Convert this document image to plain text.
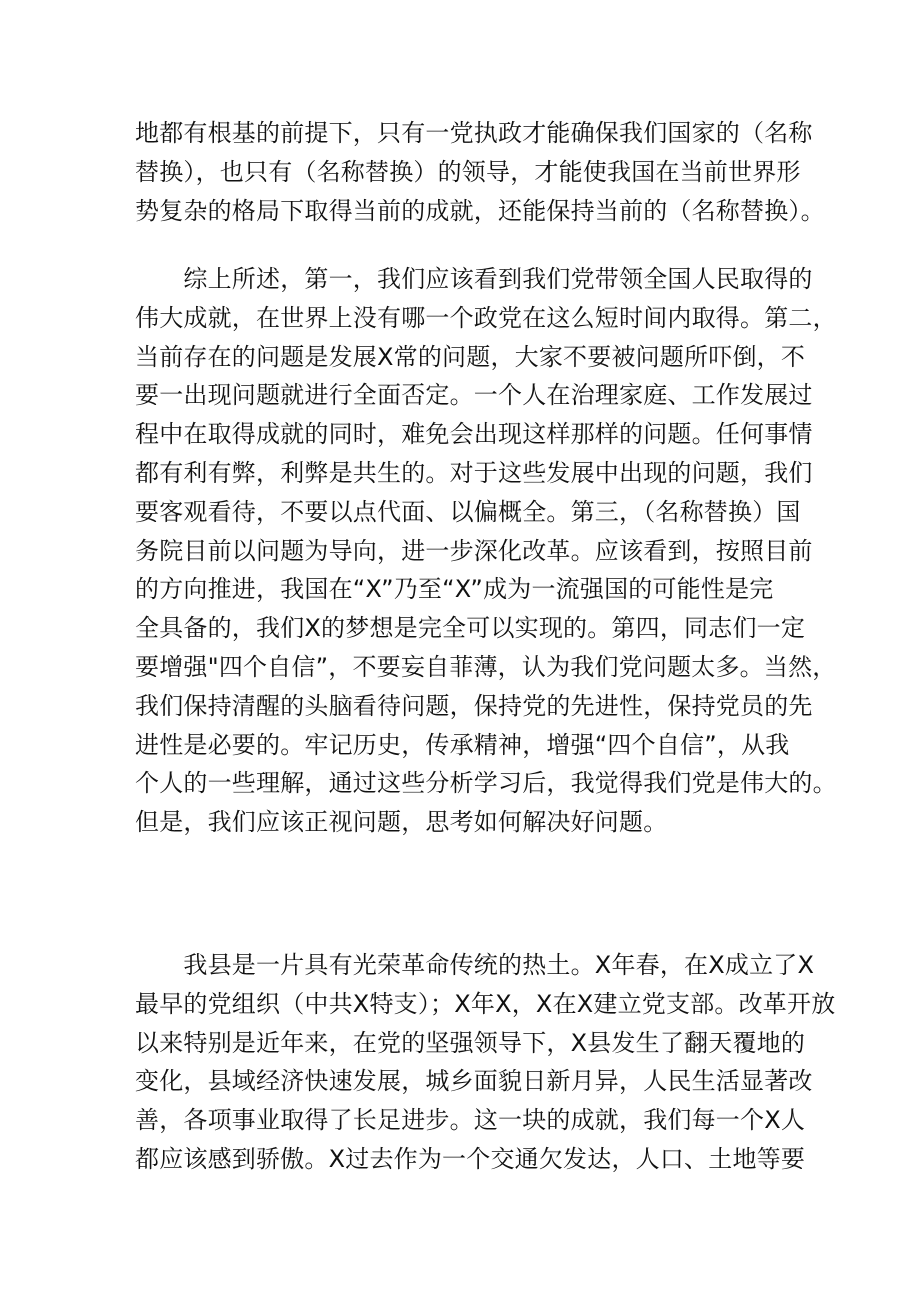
地都有根基的前提下，只有一党执政才能确保我们国家的（名称
替换），也只有（名称替换）的领导，才能使我国在当前世界形
势复杂的格局下取得当前的成就，还能保持当前的（名称替换）。
　　综上所述，第一，我们应该看到我们党带领全国人民取得的
伟大成就，在世界上没有哪一个政党在这么短时间内取得。第二，
当前存在的问题是发展X常的问题，大家不要被问题所吓倒，不
要一出现问题就进行全面否定。一个人在治理家庭、工作发展过
程中在取得成就的同时，难免会出现这样那样的问题。任何事情
都有利有弊，利弊是共生的。对于这些发展中出现的问题，我们
要客观看待，不要以点代面、以偏概全。第三，（名称替换）国
务院目前以问题为导向，进一步深化改革。应该看到，按照目前
的方向推进，我国在“X”乃至“X”成为一流强国的可能性是完
全具备的，我们X的梦想是完全可以实现的。第四，同志们一定
要增强"四个自信”，不要妄自菲薄，认为我们党问题太多。当然，
我们保持清醒的头脑看待问题，保持党的先进性，保持党员的先
进性是必要的。牢记历史，传承精神，增强“四个自信”，从我
个人的一些理解，通过这些分析学习后，我觉得我们党是伟大的。
但是，我们应该正视问题，思考如何解决好问题。
　　我县是一片具有光荣革命传统的热土。X年春，在X成立了X
最早的党组织（中共X特支）；X年X，X在X建立党支部。改革开放
以来特别是近年来，在党的坚强领导下，X县发生了翻天覆地的
变化，县域经济快速发展，城乡面貌日新月异，人民生活显著改
善，各项事业取得了长足进步。这一块的成就，我们每一个X人
都应该感到骄傲。X过去作为一个交通欠发达，人口、土地等要
